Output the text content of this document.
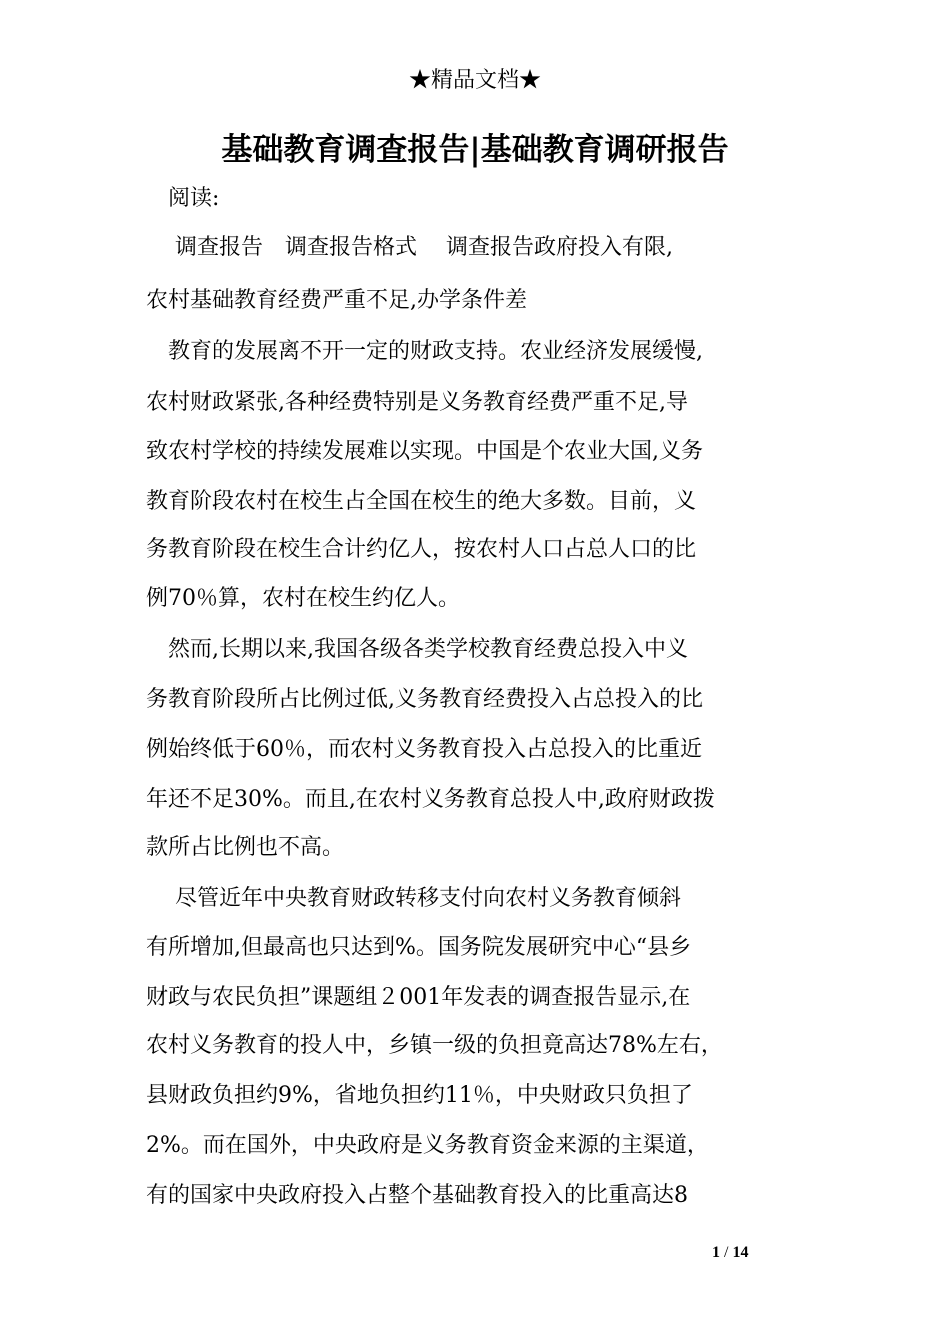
★精品文档★
基础教育调查报告|基础教育调研报告
　阅读:
　 调查报告　调查报告格式　 调查报告政府投入有限,
农村基础教育经费严重不足,办学条件差
　教育的发展离不开一定的财政支持。农业经济发展缓慢,
农村财政紧张,各种经费特别是义务教育经费严重不足,导
致农村学校的持续发展难以实现。中国是个农业大国,义务
教育阶段农村在校生占全国在校生的绝大多数。目前，义
务教育阶段在校生合计约亿人，按农村人口占总人口的比
例70％算，农村在校生约亿人。
　然而,长期以来,我国各级各类学校教育经费总投入中义
务教育阶段所占比例过低,义务教育经费投入占总投入的比
例始终低于60％，而农村义务教育投入占总投入的比重近
年还不足30%。而且,在农村义务教育总投人中,政府财政拨
款所占比例也不高。
　 尽管近年中央教育财政转移支付向农村义务教育倾斜
有所增加,但最高也只达到%。国务院发展研究中心“县乡
财政与农民负担”课题组２001年发表的调查报告显示,在
农村义务教育的投人中，乡镇一级的负担竟高达78%左右，
县财政负担约9%，省地负担约11％，中央财政只负担了
2%。而在国外，中央政府是义务教育资金来源的主渠道，
有的国家中央政府投入占整个基础教育投入的比重高达8
1 / 14
